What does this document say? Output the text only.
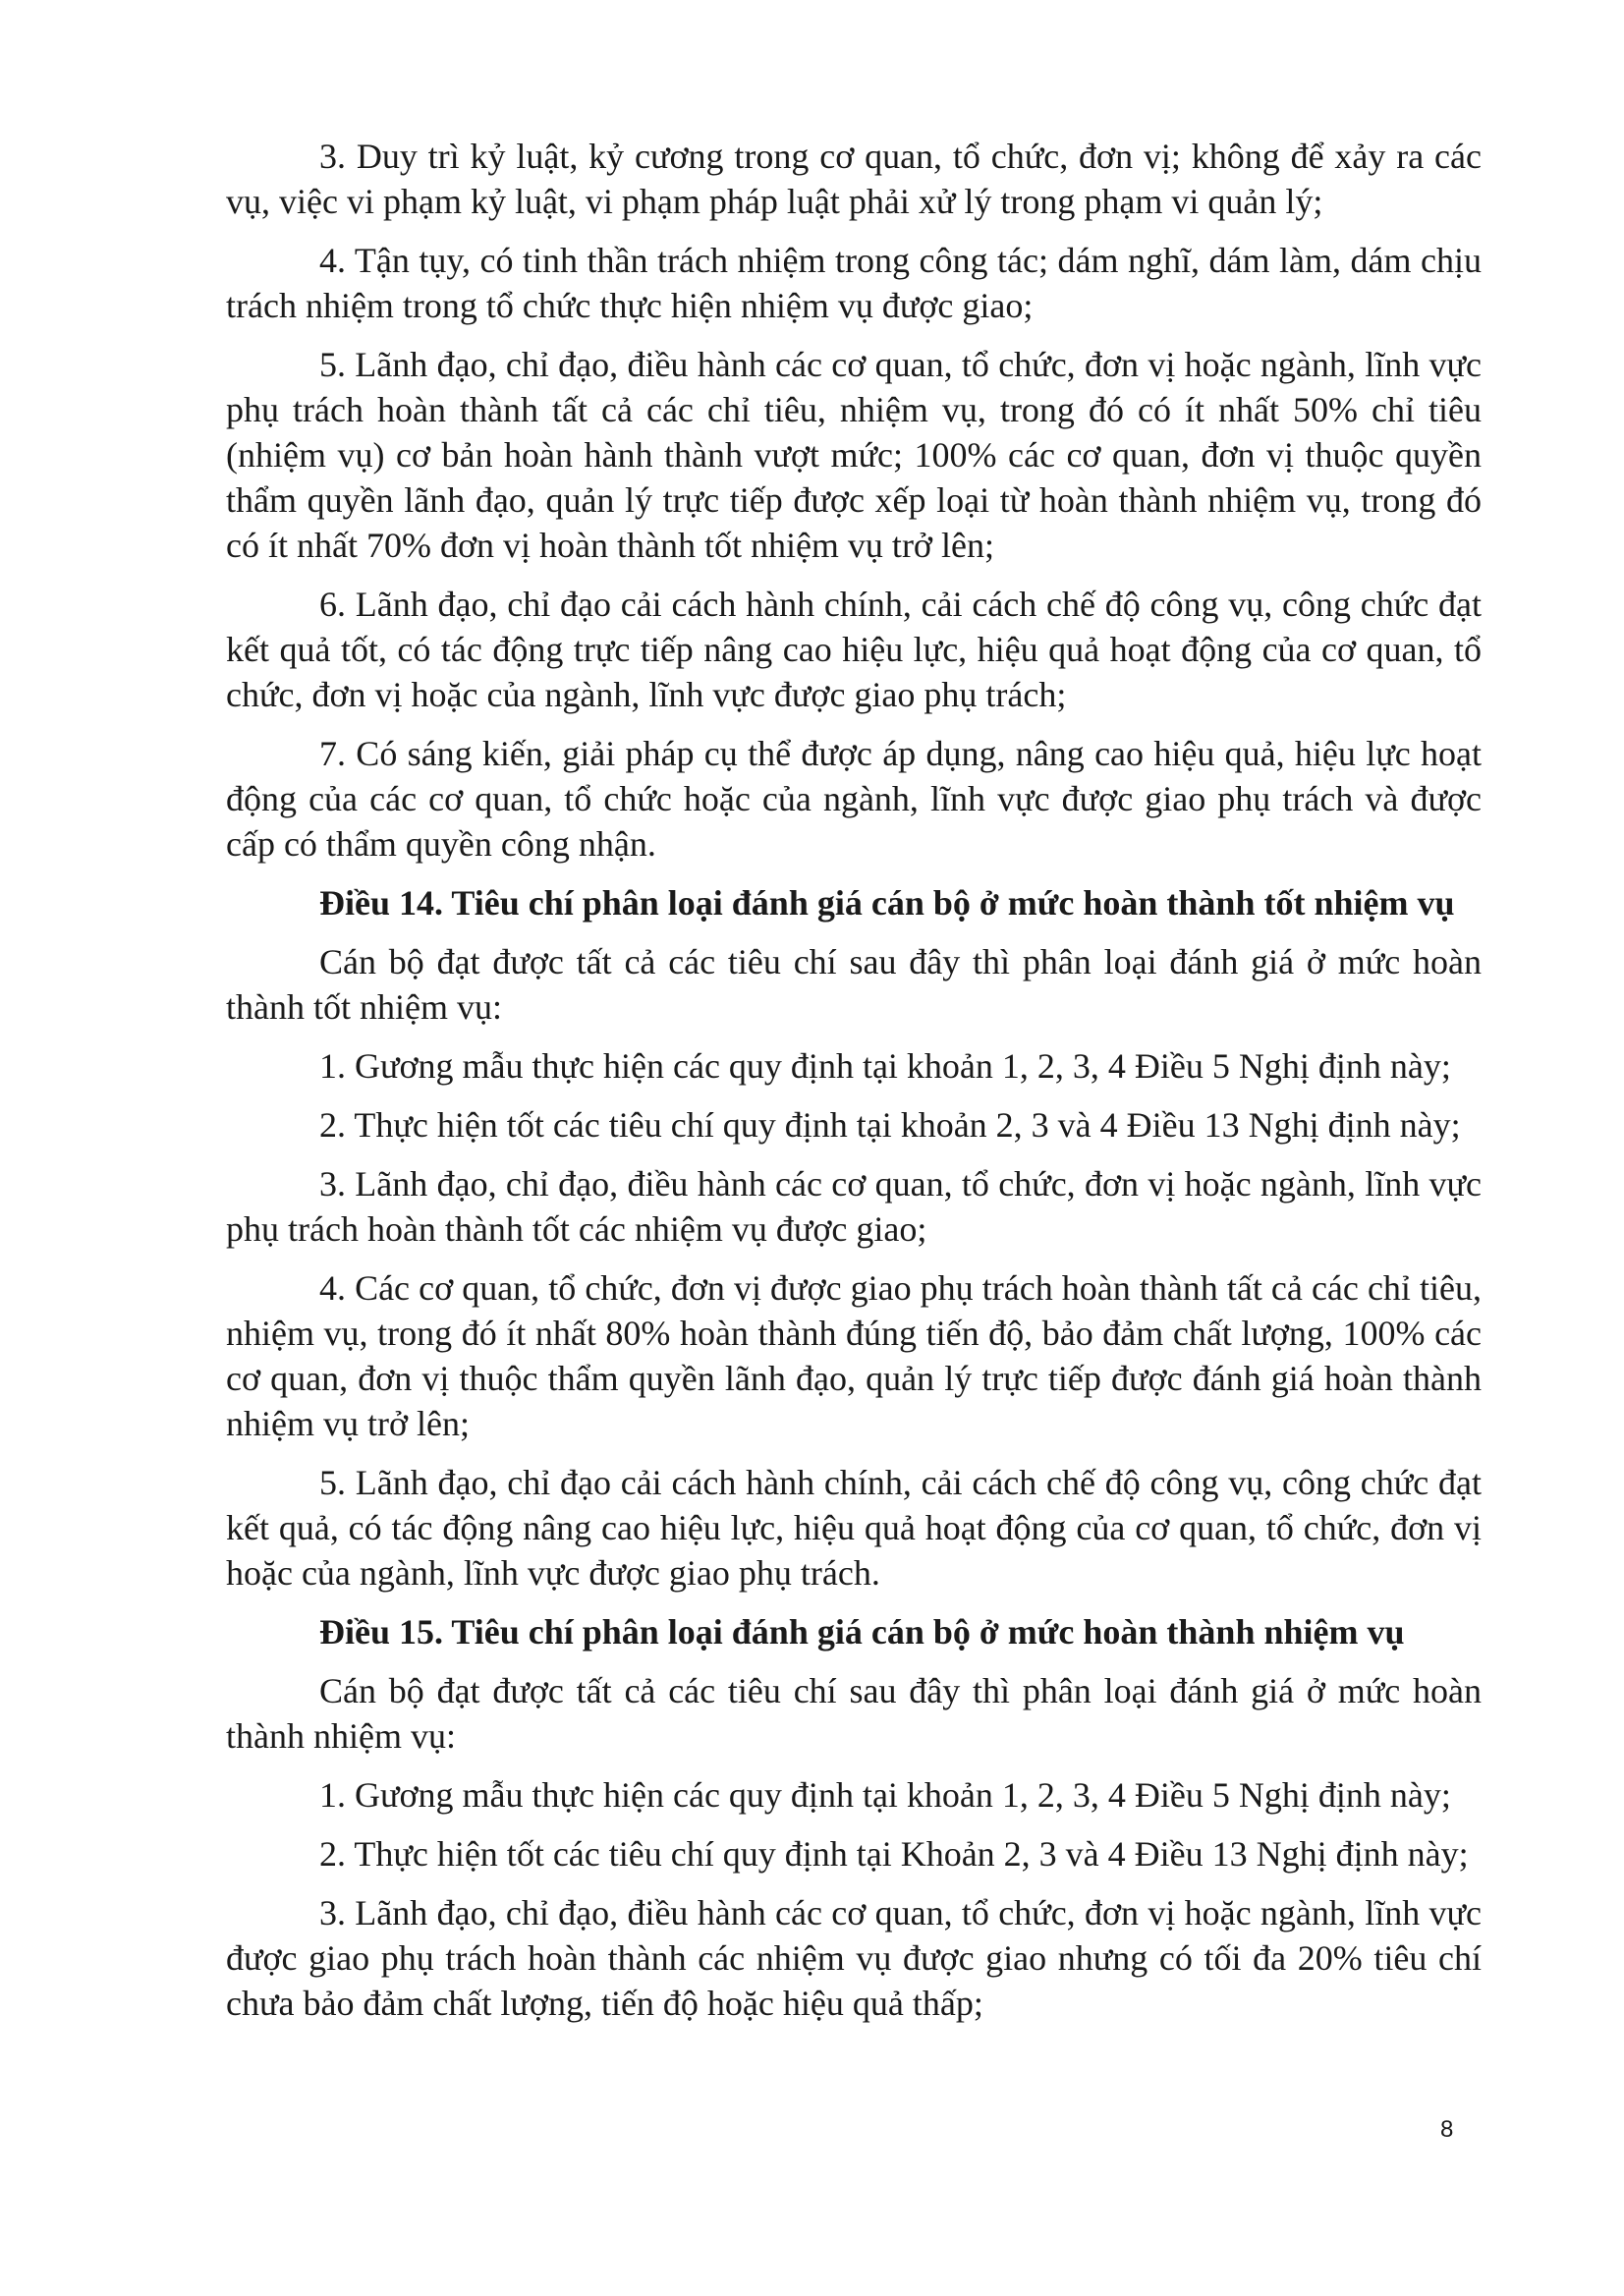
3. Duy trì kỷ luật, kỷ cương trong cơ quan, tổ chức, đơn vị; không để xảy ra các vụ, việc vi phạm kỷ luật, vi phạm pháp luật phải xử lý trong phạm vi quản lý;

4. Tận tụy, có tinh thần trách nhiệm trong công tác; dám nghĩ, dám làm, dám chịu trách nhiệm trong tổ chức thực hiện nhiệm vụ được giao;

5. Lãnh đạo, chỉ đạo, điều hành các cơ quan, tổ chức, đơn vị hoặc ngành, lĩnh vực phụ trách hoàn thành tất cả các chỉ tiêu, nhiệm vụ, trong đó có ít nhất 50% chỉ tiêu (nhiệm vụ) cơ bản hoàn hành thành vượt mức; 100% các cơ quan, đơn vị thuộc quyền thẩm quyền lãnh đạo, quản lý trực tiếp được xếp loại từ hoàn thành nhiệm vụ, trong đó có ít nhất 70% đơn vị hoàn thành tốt nhiệm vụ trở lên;

6. Lãnh đạo, chỉ đạo cải cách hành chính, cải cách chế độ công vụ, công chức đạt kết quả tốt, có tác động trực tiếp nâng cao hiệu lực, hiệu quả hoạt động của cơ quan, tổ chức, đơn vị hoặc của ngành, lĩnh vực được giao phụ trách;

7. Có sáng kiến, giải pháp cụ thể được áp dụng, nâng cao hiệu quả, hiệu lực hoạt động của các cơ quan, tổ chức hoặc của ngành, lĩnh vực được giao phụ trách và được cấp có thẩm quyền công nhận.

Điều 14. Tiêu chí phân loại đánh giá cán bộ ở mức hoàn thành tốt nhiệm vụ

Cán bộ đạt được tất cả các tiêu chí sau đây thì phân loại đánh giá ở mức hoàn thành tốt nhiệm vụ:

1. Gương mẫu thực hiện các quy định tại khoản 1, 2, 3, 4 Điều 5 Nghị định này;

2. Thực hiện tốt các tiêu chí quy định tại khoản 2, 3 và 4 Điều 13 Nghị định này;

3. Lãnh đạo, chỉ đạo, điều hành các cơ quan, tổ chức, đơn vị hoặc ngành, lĩnh vực phụ trách hoàn thành tốt các nhiệm vụ được giao;

4. Các cơ quan, tổ chức, đơn vị được giao phụ trách hoàn thành tất cả các chỉ tiêu, nhiệm vụ, trong đó ít nhất 80% hoàn thành đúng tiến độ, bảo đảm chất lượng, 100% các cơ quan, đơn vị thuộc thẩm quyền lãnh đạo, quản lý trực tiếp được đánh giá hoàn thành nhiệm vụ trở lên;

5. Lãnh đạo, chỉ đạo cải cách hành chính, cải cách chế độ công vụ, công chức đạt kết quả, có tác động nâng cao hiệu lực, hiệu quả hoạt động của cơ quan, tổ chức, đơn vị hoặc của ngành, lĩnh vực được giao phụ trách.

Điều 15. Tiêu chí phân loại đánh giá cán bộ ở mức hoàn thành nhiệm vụ

Cán bộ đạt được tất cả các tiêu chí sau đây thì phân loại đánh giá ở mức hoàn thành nhiệm vụ:

1. Gương mẫu thực hiện các quy định tại khoản 1, 2, 3, 4 Điều 5 Nghị định này;

2. Thực hiện tốt các tiêu chí quy định tại Khoản 2, 3 và 4 Điều 13 Nghị định này;

3. Lãnh đạo, chỉ đạo, điều hành các cơ quan, tổ chức, đơn vị hoặc ngành, lĩnh vực được giao phụ trách hoàn thành các nhiệm vụ được giao nhưng có tối đa 20% tiêu chí chưa bảo đảm chất lượng, tiến độ hoặc hiệu quả thấp;

8
